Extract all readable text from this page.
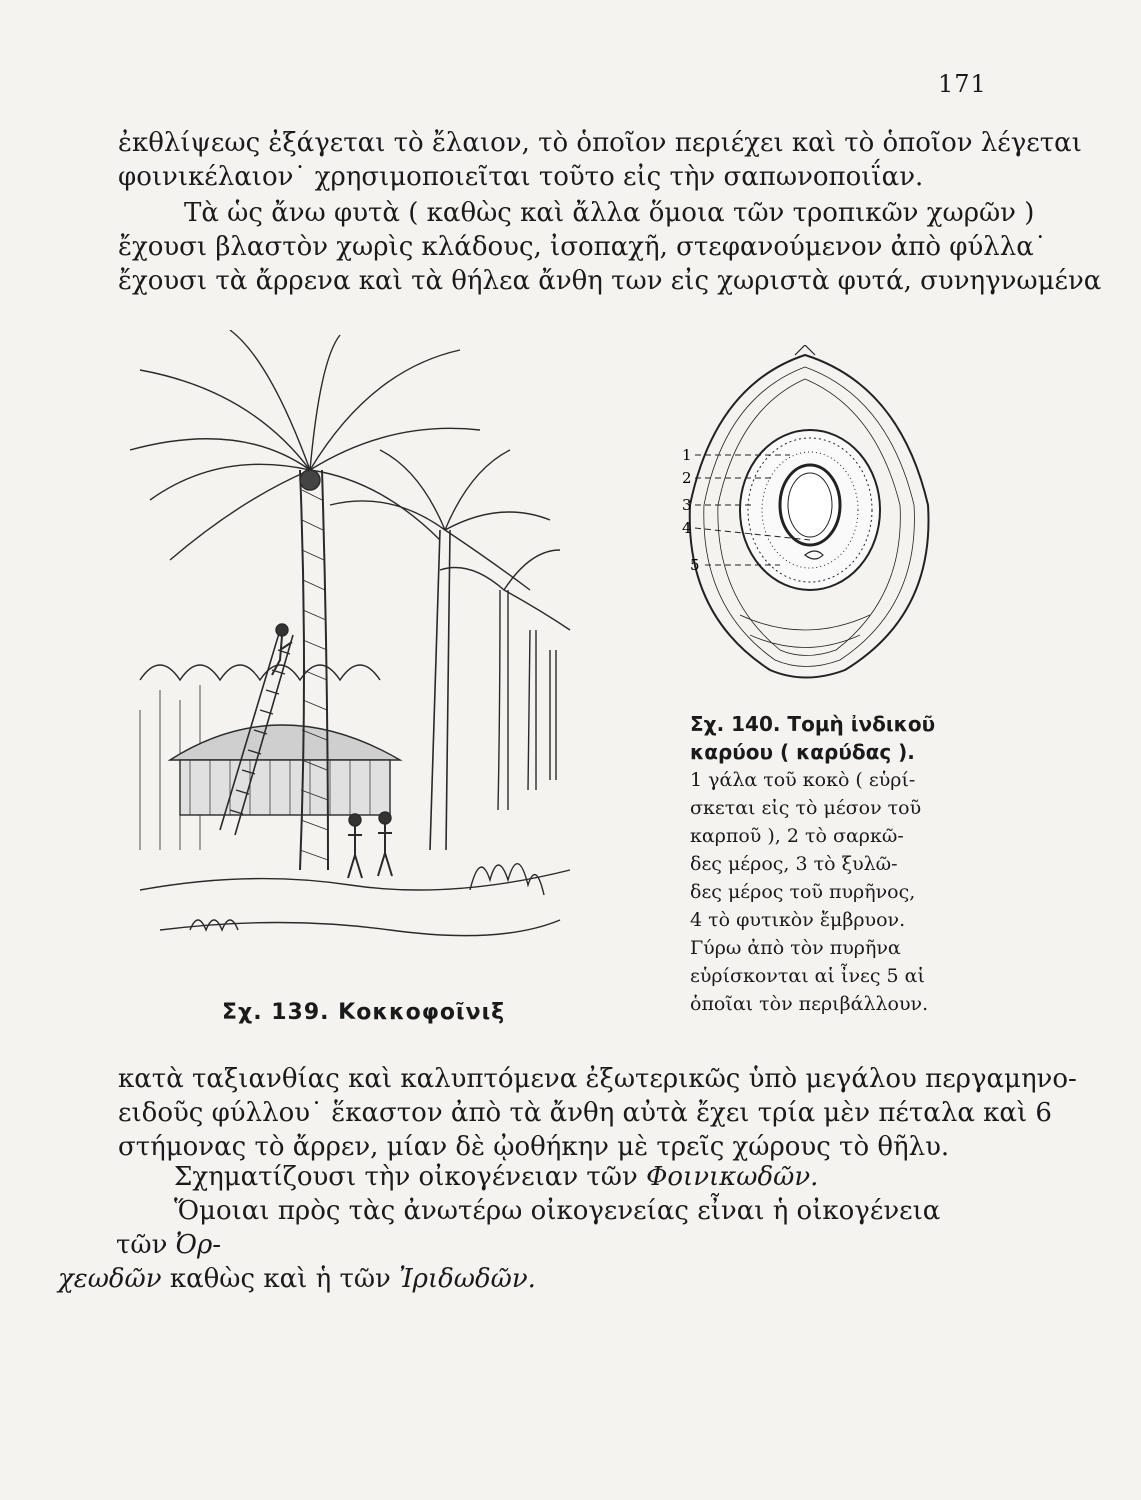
171

ἐκθλίψεως ἐξάγεται τὸ ἔλαιον, τὸ ὁποῖον περιέχει καὶ τὸ ὁποῖον λέγεται
φοινικέλαιον˙ χρησιμοποιεῖται τοῦτο εἰς τὴν σαπωνοποιΐαν.

Τὰ ὡς ἄνω φυτὰ ( καθὼς καὶ ἄλλα ὅμοια τῶν τροπικῶν χωρῶν )
ἔχουσι βλαστὸν χωρὶς κλάδους, ἰσοπαχῆ, στεφανούμενον ἀπὸ φύλλα˙
ἔχουσι τὰ ἄρρενα καὶ τὰ θήλεα ἄνθη των εἰς χωριστὰ φυτά, συνηγνωμένα

1
2
3
4
5
Σχ. 140. Τομὴ ἰνδικοῦ
καρύου ( καρύδας ).
1 γάλα τοῦ κοκὸ ( εὑρί-
σκεται εἰς τὸ μέσον τοῦ
καρποῦ ), 2 τὸ σαρκῶ-
δες μέρος, 3 τὸ ξυλῶ-
δες μέρος τοῦ πυρῆνος,
4 τὸ φυτικὸν ἔμβρυον.
Γύρω ἀπὸ τὸν πυρῆνα
εὑρίσκονται αἱ ἶνες 5 αἱ
ὁποῖαι τὸν περιβάλλουν.
Σχ. 139. Κοκκοφοῖνιξ

κατὰ ταξιανθίας καὶ καλυπτόμενα ἐξωτερικῶς ὑπὸ μεγάλου περγαμηνο-
ειδοῦς φύλλου˙ ἕκαστον ἀπὸ τὰ ἄνθη αὐτὰ ἔχει τρία μὲν πέταλα καὶ 6
στήμονας τὸ ἄρρεν, μίαν δὲ ᾠοθήκην μὲ τρεῖς χώρους τὸ θῆλυ.

Σχηματίζουσι τὴν οἰκογένειαν τῶν Φοινικωδῶν.

Ὅμοιαι πρὸς τὰς ἀνωτέρω οἰκογενείας εἶναι ἡ οἰκογένεια τῶν Ὀρ-
χεωδῶν καθὼς καὶ ἡ τῶν Ἰριδωδῶν.
